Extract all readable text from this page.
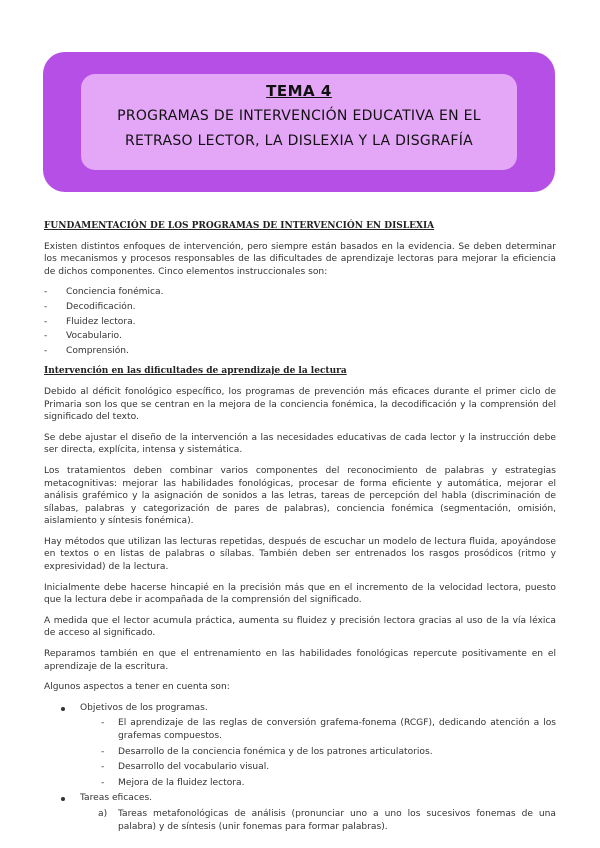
TEMA 4
PROGRAMAS DE INTERVENCIÓN EDUCATIVA EN EL
RETRASO LECTOR, LA DISLEXIA Y LA DISGRAFÍA
FUNDAMENTACIÓN DE LOS PROGRAMAS DE INTERVENCIÓN EN DISLEXIA

Existen distintos enfoques de intervención, pero siempre están basados en la evidencia. Se deben determinar los mecanismos y procesos responsables de las dificultades de aprendizaje lectoras para mejorar la eficiencia de dichos componentes. Cinco elementos instruccionales son:

- Conciencia fonémica.
- Decodificación.
- Fluidez lectora.
- Vocabulario.
- Comprensión.
Intervención en las dificultades de aprendizaje de la lectura

Debido al déficit fonológico específico, los programas de prevención más eficaces durante el primer ciclo de Primaria son los que se centran en la mejora de la conciencia fonémica, la decodificación y la comprensión del significado del texto.

Se debe ajustar el diseño de la intervención a las necesidades educativas de cada lector y la instrucción debe ser directa, explícita, intensa y sistemática.

Los tratamientos deben combinar varios componentes del reconocimiento de palabras y estrategias metacognitivas: mejorar las habilidades fonológicas, procesar de forma eficiente y automática, mejorar el análisis grafémico y la asignación de sonidos a las letras, tareas de percepción del habla (discriminación de sílabas, palabras y categorización de pares de palabras), conciencia fonémica (segmentación, omisión, aislamiento y síntesis fonémica).

Hay métodos que utilizan las lecturas repetidas, después de escuchar un modelo de lectura fluida, apoyándose en textos o en listas de palabras o sílabas. También deben ser entrenados los rasgos prosódicos (ritmo y expresividad) de la lectura.

Inicialmente debe hacerse hincapié en la precisión más que en el incremento de la velocidad lectora, puesto que la lectura debe ir acompañada de la comprensión del significado.

A medida que el lector acumula práctica, aumenta su fluidez y precisión lectora gracias al uso de la vía léxica de acceso al significado.

Reparamos también en que el entrenamiento en las habilidades fonológicas repercute positivamente en el aprendizaje de la escritura.

Algunos aspectos a tener en cuenta son:

Objetivos de los programas.
- El aprendizaje de las reglas de conversión grafema-fonema (RCGF), dedicando atención a los grafemas compuestos.
- Desarrollo de la conciencia fonémica y de los patrones articulatorios.
- Desarrollo del vocabulario visual.
- Mejora de la fluidez lectora.
Tareas eficaces.
a) Tareas metafonológicas de análisis (pronunciar uno a uno los sucesivos fonemas de una palabra) y de síntesis (unir fonemas para formar palabras).
